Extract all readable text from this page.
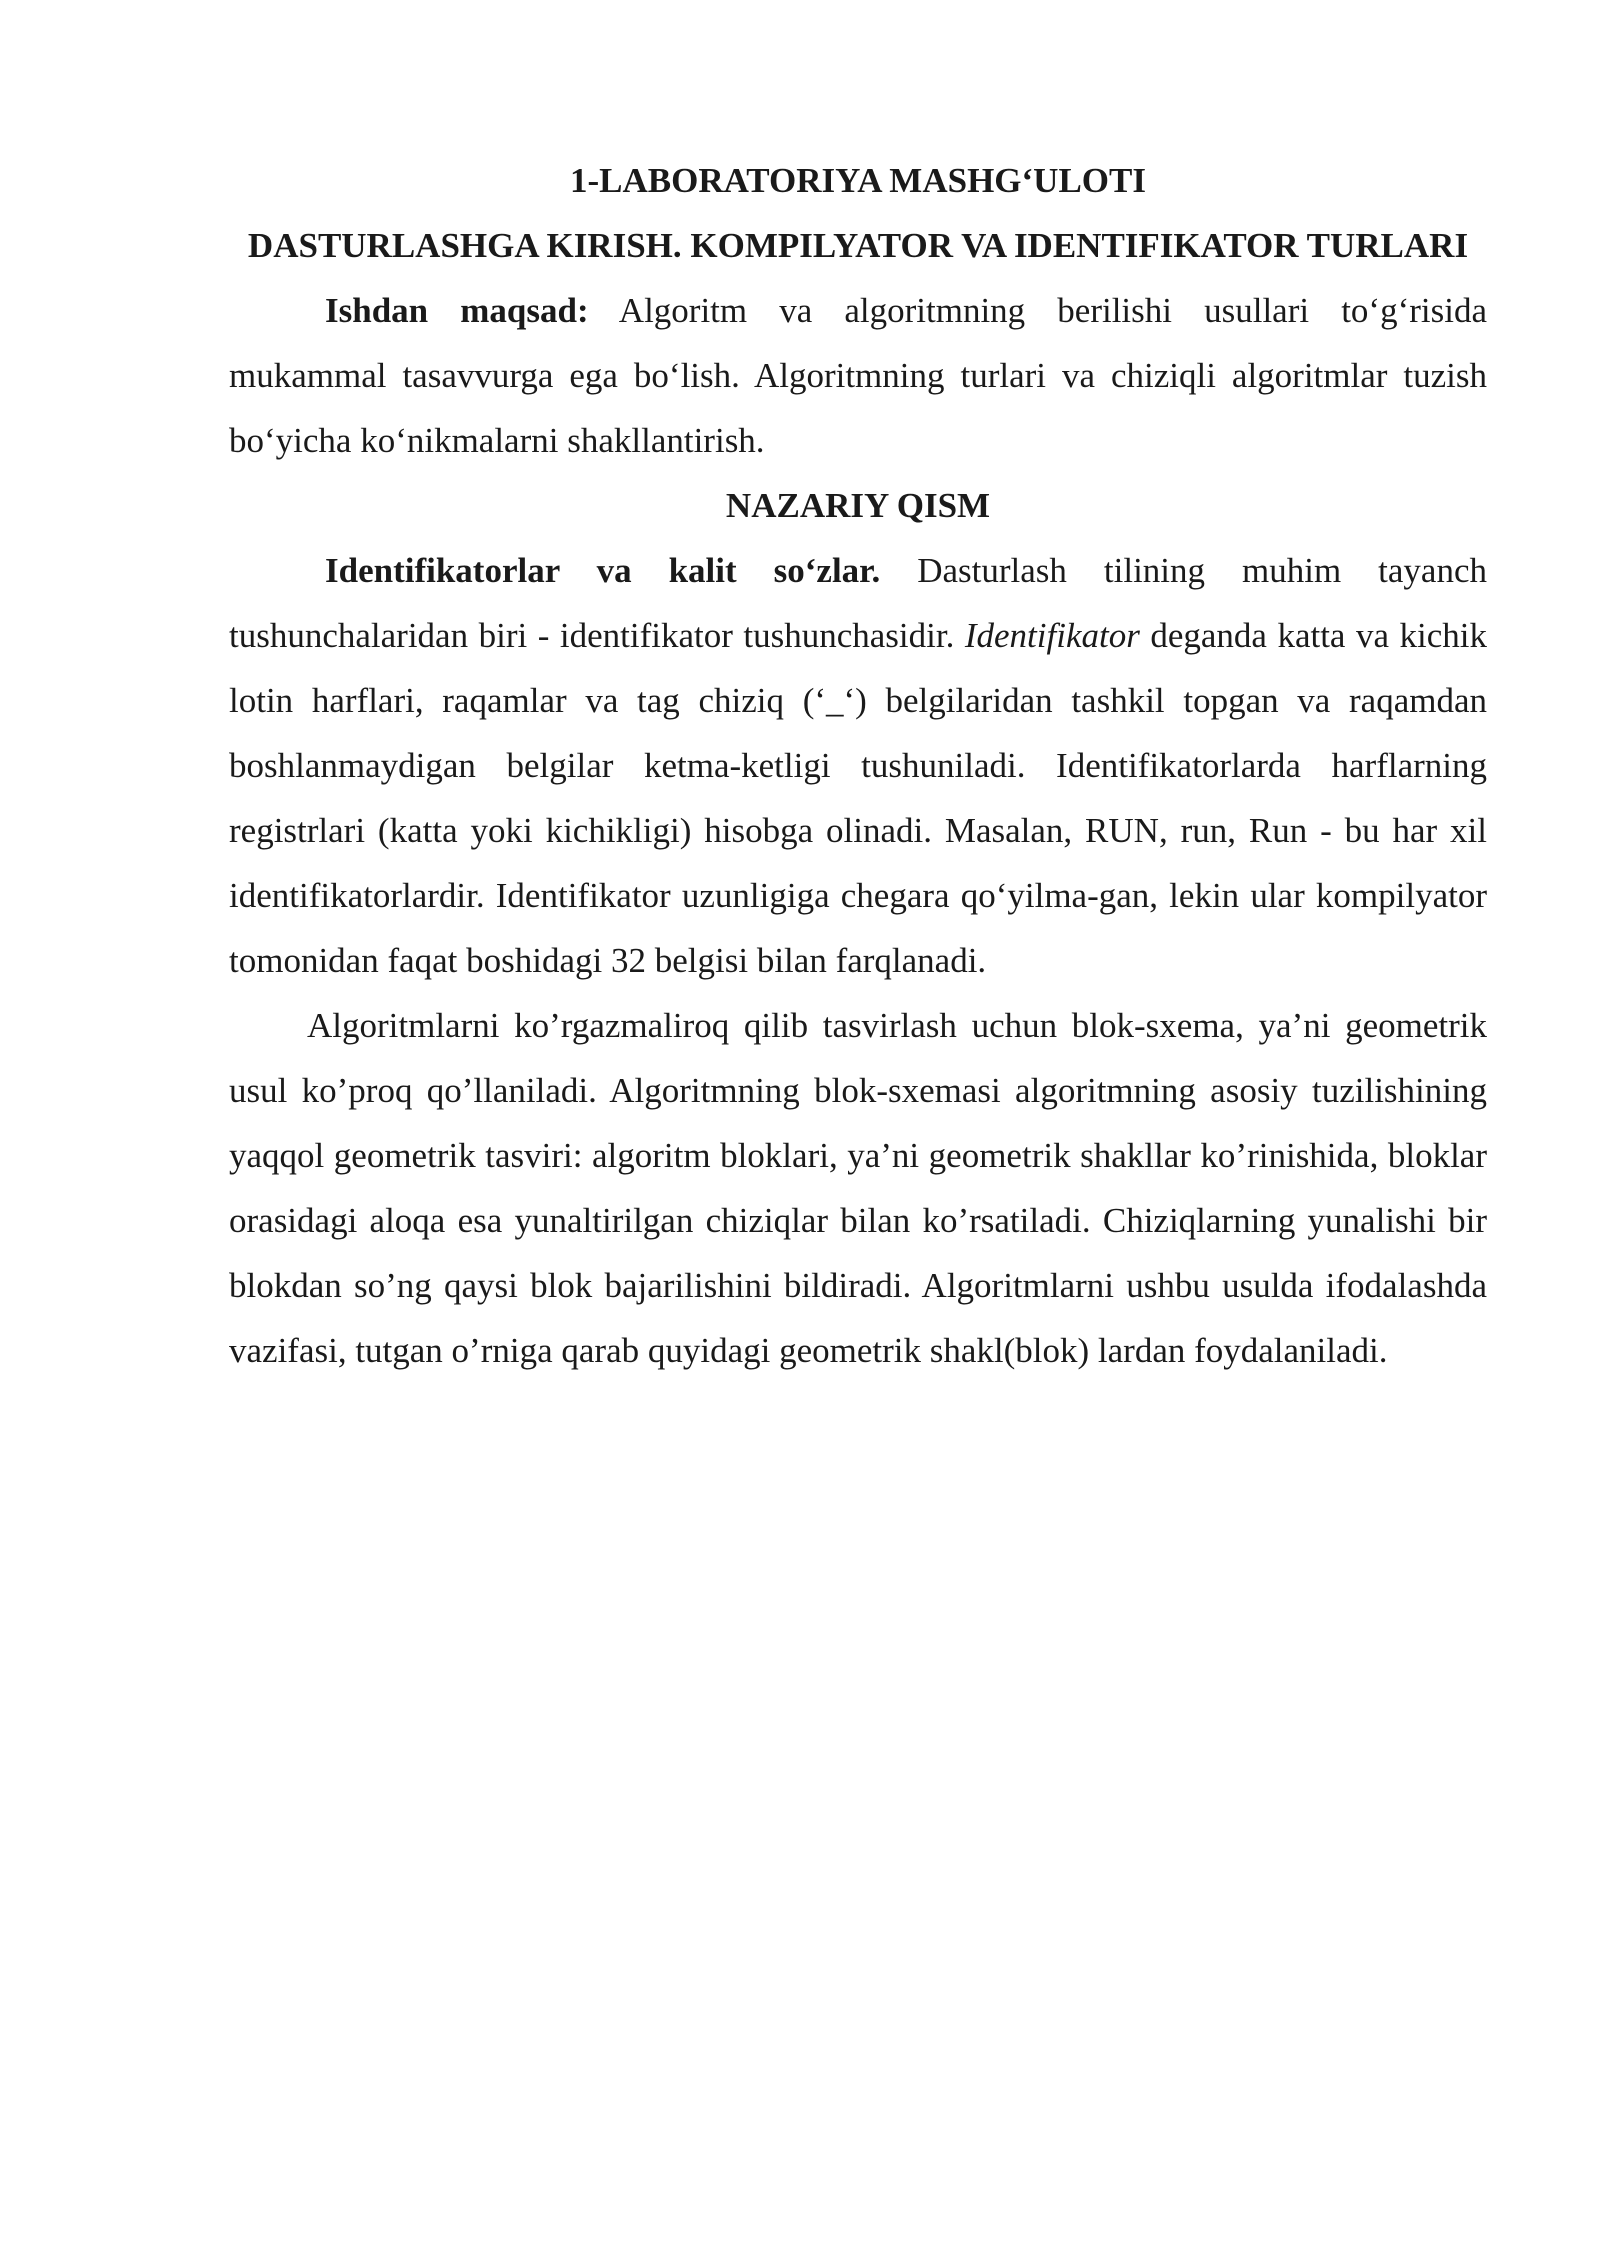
1-LABORATORIYA MASHG‘ULOTI

DASTURLASHGA KIRISH. KOMPILYATOR VA IDENTIFIKATOR TURLARI

Ishdan maqsad: Algoritm va algoritmning berilishi usullari to‘g‘risida mukammal tasavvurga ega bo‘lish. Algoritmning turlari va chiziqli algoritmlar tuzish bo‘yicha ko‘nikmalarni shakllantirish.

NAZARIY QISM

Identifikatorlar va kalit so‘zlar. Dasturlash tilining muhim tayanch tushunchalaridan biri - identifikator tushunchasidir. Identifikator deganda katta va kichik lotin harflari, raqamlar va tag chiziq (‘_‘) belgilaridan tashkil topgan va raqamdan boshlanmaydigan belgilar ketma-ketligi tushuniladi. Identifikatorlarda harflarning registrlari (katta yoki kichikligi) hisobga olinadi. Masalan, RUN, run, Run - bu har xil identifikatorlardir. Identifikator uzunligiga chegara qo‘yilma-gan, lekin ular kompilyator tomonidan faqat boshidagi 32 belgisi bilan farqlanadi.

Algoritmlarni ko’rgazmaliroq qilib tasvirlash uchun blok-sxema, ya’ni geometrik usul ko’proq qo’llaniladi. Algoritmning blok-sxemasi algoritmning asosiy tuzilishining yaqqol geometrik tasviri: algoritm bloklari, ya’ni geometrik shakllar ko’rinishida, bloklar orasidagi aloqa esa yunaltirilgan chiziqlar bilan ko’rsatiladi. Chiziqlarning yunalishi bir blokdan so’ng qaysi blok bajarilishini bildiradi. Algoritmlarni ushbu usulda ifodalashda vazifasi, tutgan o’rniga qarab quyidagi geometrik shakl(blok) lardan foydalaniladi.
